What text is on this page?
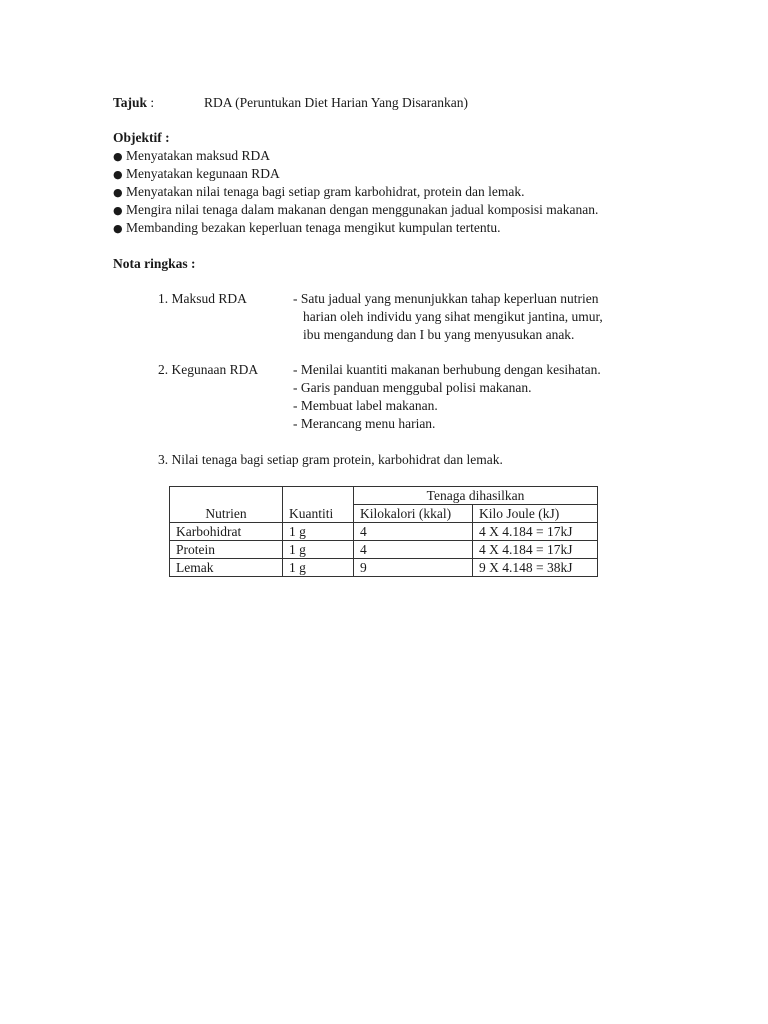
Tajuk :	RDA (Peruntukan Diet Harian Yang Disarankan)
Objektif :
● Menyatakan maksud RDA
● Menyatakan kegunaan RDA
● Menyatakan nilai tenaga bagi setiap gram karbohidrat, protein dan lemak.
● Mengira nilai tenaga dalam makanan dengan menggunakan jadual komposisi makanan.
● Membanding bezakan keperluan tenaga mengikut kumpulan tertentu.
Nota ringkas :
1. Maksud RDA	- Satu jadual yang menunjukkan tahap keperluan nutrien
harian oleh individu yang sihat mengikut jantina, umur,
ibu mengandung dan I bu yang menyusukan anak.
2. Kegunaan RDA	- Menilai kuantiti makanan berhubung dengan kesihatan.
- Garis panduan menggubal polisi makanan.
- Membuat label makanan.
- Merancang menu harian.
3. Nilai tenaga bagi setiap gram protein, karbohidrat dan lemak.
Nutrien	Kuantiti	Tenaga dihasilkan	
		Kilokalori (kkal)	Kilo Joule (kJ)
Karbohidrat	1 g	4	4 X 4.184 = 17kJ
Protein	1 g	4	4 X 4.184 = 17kJ
Lemak	1 g	9	9 X 4.148 = 38kJ
